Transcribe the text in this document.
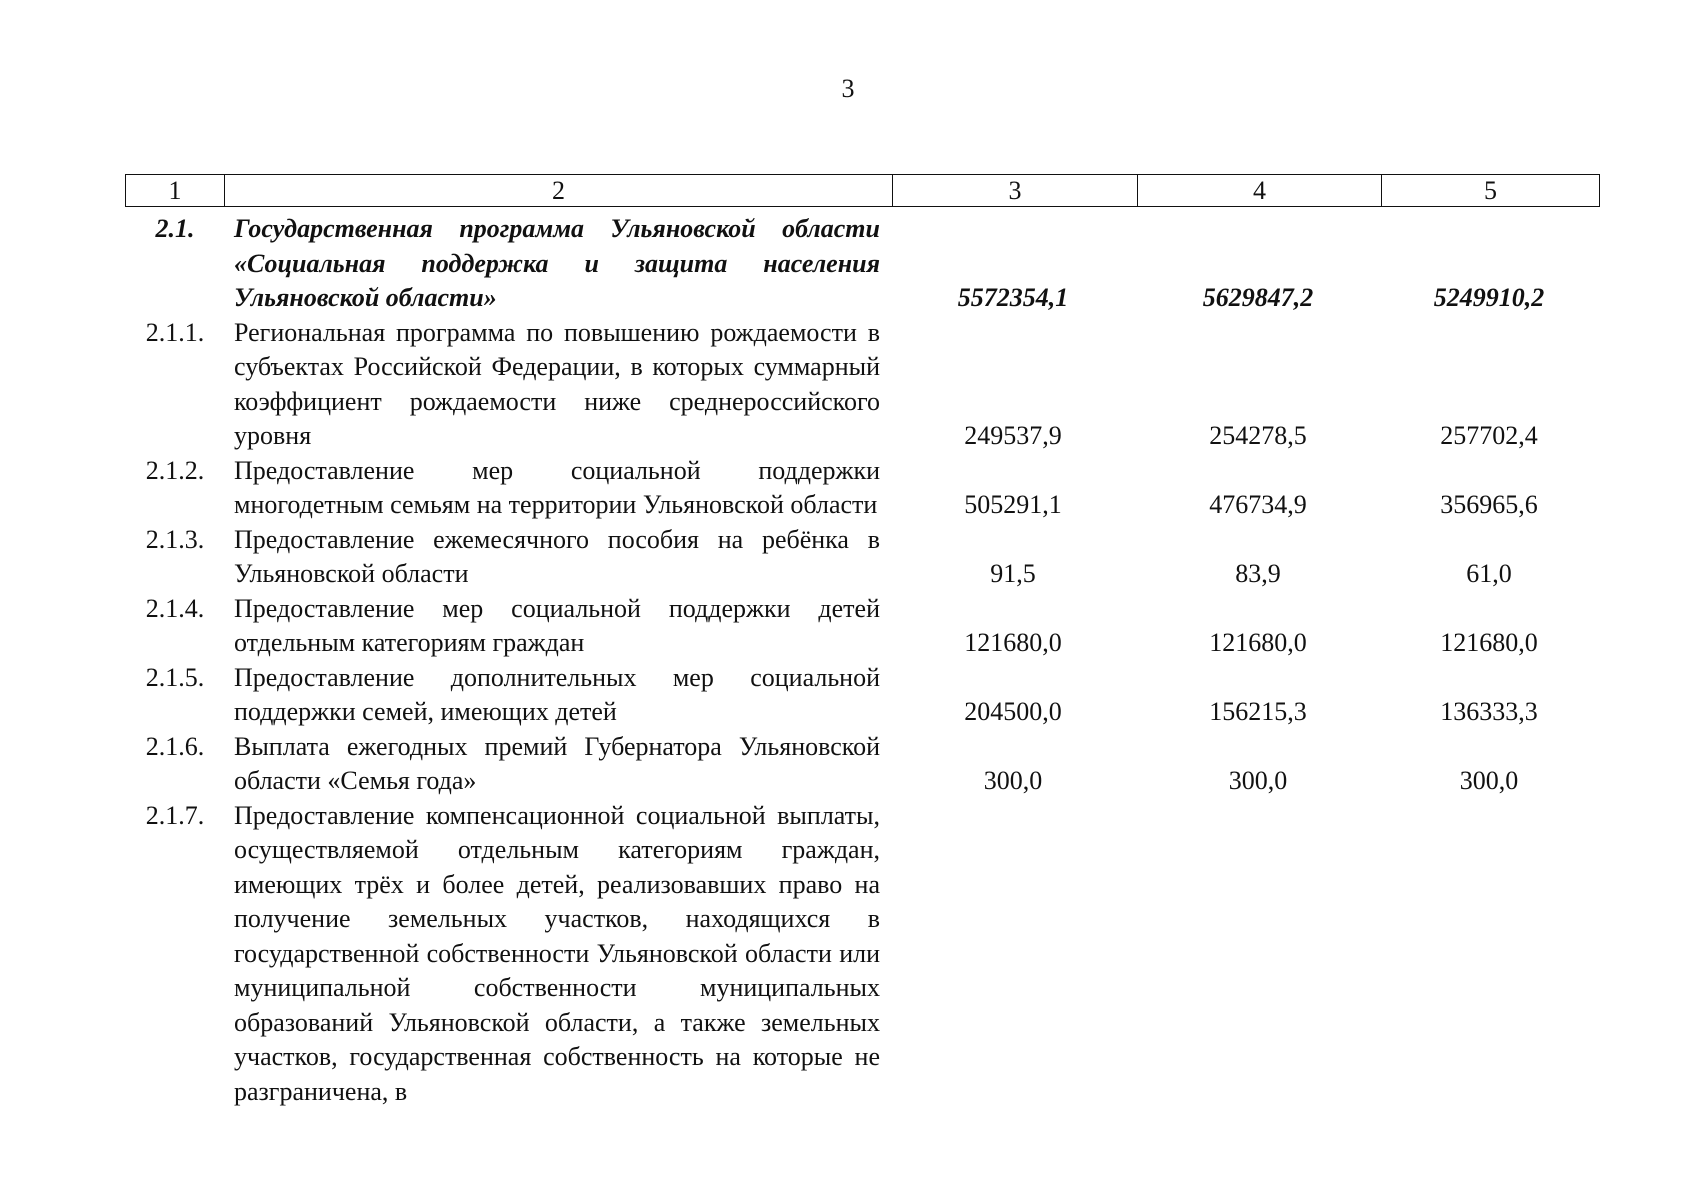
3
1	2	3	4	5
2.1.	Государственная программа Ульяновской области «Социальная поддержка и защита населения Ульяновской области»	5572354,1	5629847,2	5249910,2
2.1.1.	Региональная программа по повышению рождаемости в субъектах Российской Федерации, в которых суммарный коэффициент рождаемости ниже среднероссийского уровня	249537,9	254278,5	257702,4
2.1.2.	Предоставление мер социальной поддержки многодетным семьям на территории Ульяновской области	505291,1	476734,9	356965,6
2.1.3.	Предоставление ежемесячного пособия на ребёнка в Ульяновской области	91,5	83,9	61,0
2.1.4.	Предоставление мер социальной поддержки детей отдельным категориям граждан	121680,0	121680,0	121680,0
2.1.5.	Предоставление дополнительных мер социальной поддержки семей, имеющих детей	204500,0	156215,3	136333,3
2.1.6.	Выплата ежегодных премий Губернатора Ульяновской области «Семья года»	300,0	300,0	300,0
2.1.7.	Предоставление компенсационной социальной выплаты, осуществляемой отдельным категориям граждан, имеющих трёх и более детей, реализовавших право на получение земельных участков, находящихся в государственной собственности Ульяновской области или муниципальной собственности муниципальных образований Ульяновской области, а также земельных участков, государственная собственность на которые не разграничена, в
